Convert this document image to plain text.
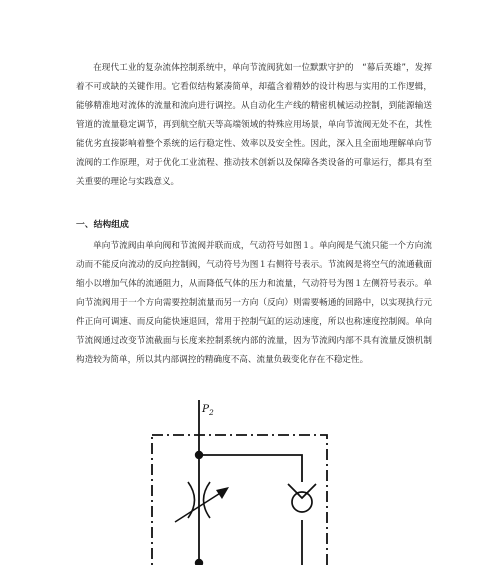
在现代工业的复杂流体控制系统中，单向节流阀犹如一位默默守护的　“幕后英雄”，发挥着不可或缺的关键作用。它看似结构紧凑简单，却蕴含着精妙的设计构思与实用的工作逻辑，能够精准地对流体的流量和流向进行调控。从自动化生产线的精密机械运动控制，到能源输送管道的流量稳定调节，再到航空航天等高端领域的特殊应用场景，单向节流阀无处不在，其性能优劣直接影响着整个系统的运行稳定性、效率以及安全性。因此，深入且全面地理解单向节流阀的工作原理，对于优化工业流程、推动技术创新以及保障各类设备的可靠运行，都具有至关重要的理论与实践意义。

一、结构组成

单向节流阀由单向阀和节流阀并联而成，气动符号如图１。单向阀是气流只能一个方向流动而不能反向流动的反向控制阀，气动符号为图１右侧符号表示。节流阀是将空气的流通截面缩小以增加气体的流通阻力，从而降低气体的压力和流量，气动符号为图１左侧符号表示。单向节流阀用于一个方向需要控制流量而另一方向（反向）则需要畅通的回路中，以实现执行元件正向可调速、而反向能快速退回，常用于控制气缸的运动速度，所以也称速度控制阀。单向节流阀通过改变节流截面与长度来控制系统内部的流量，因为节流阀内部不具有流量反馈机制构造较为简单，所以其内部调控的精确度不高、流量负载变化存在不稳定性。

P 2
